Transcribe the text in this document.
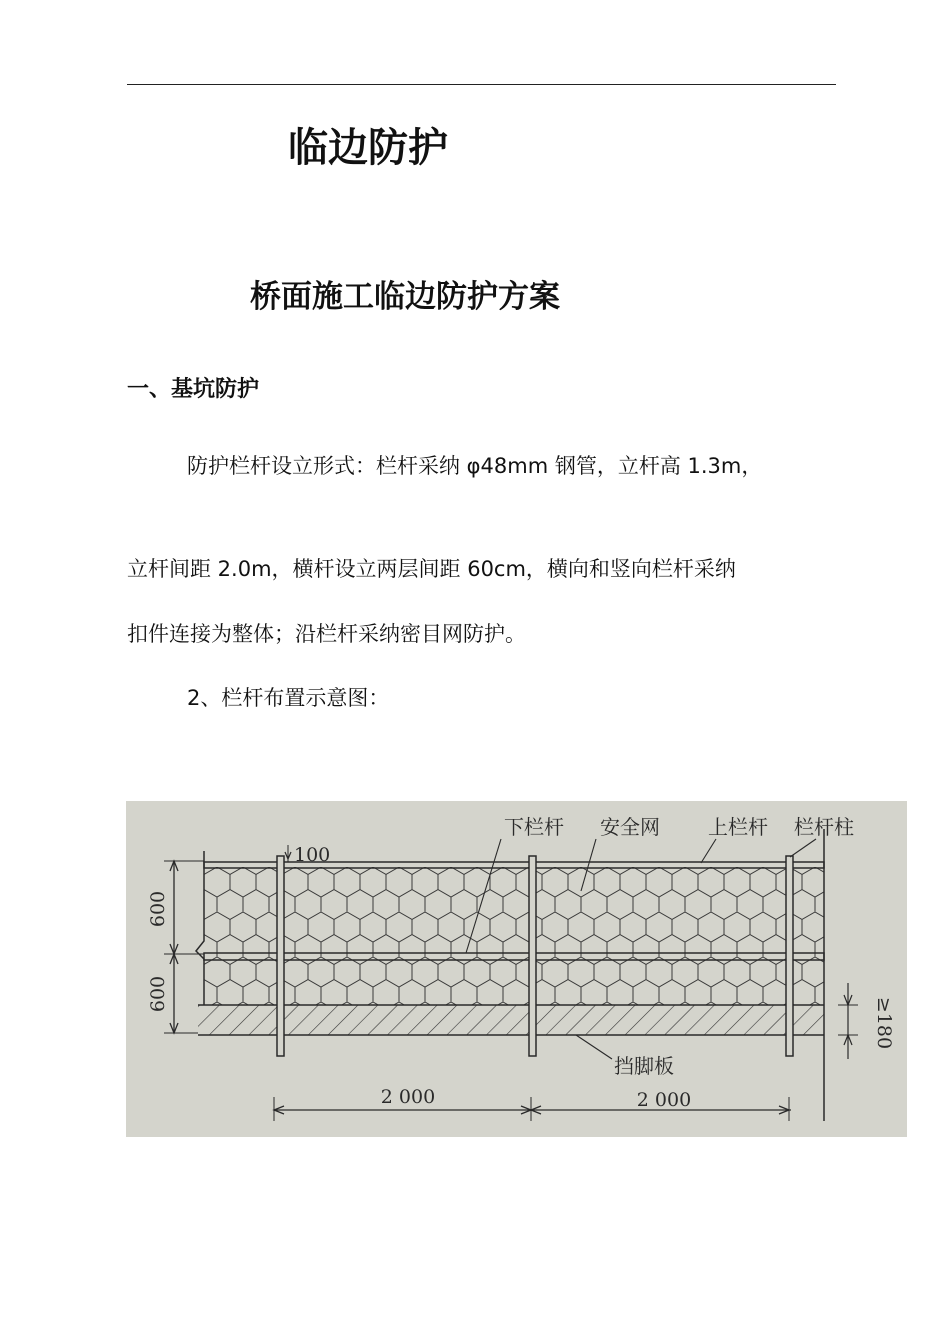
临边防护
桥面施工临边防护方案
一、基坑防护
防护栏杆设立形式：栏杆采纳 φ48mm 钢管，立杆高 1.3m，
立杆间距 2.0m，横杆设立两层间距 60cm，横向和竖向栏杆采纳
扣件连接为整体；沿栏杆采纳密目网防护。
2、栏杆布置示意图：
600
600
100
≥180
2 000	2 000
下栏杆 安全网 上栏杆 栏杆柱
挡脚板
